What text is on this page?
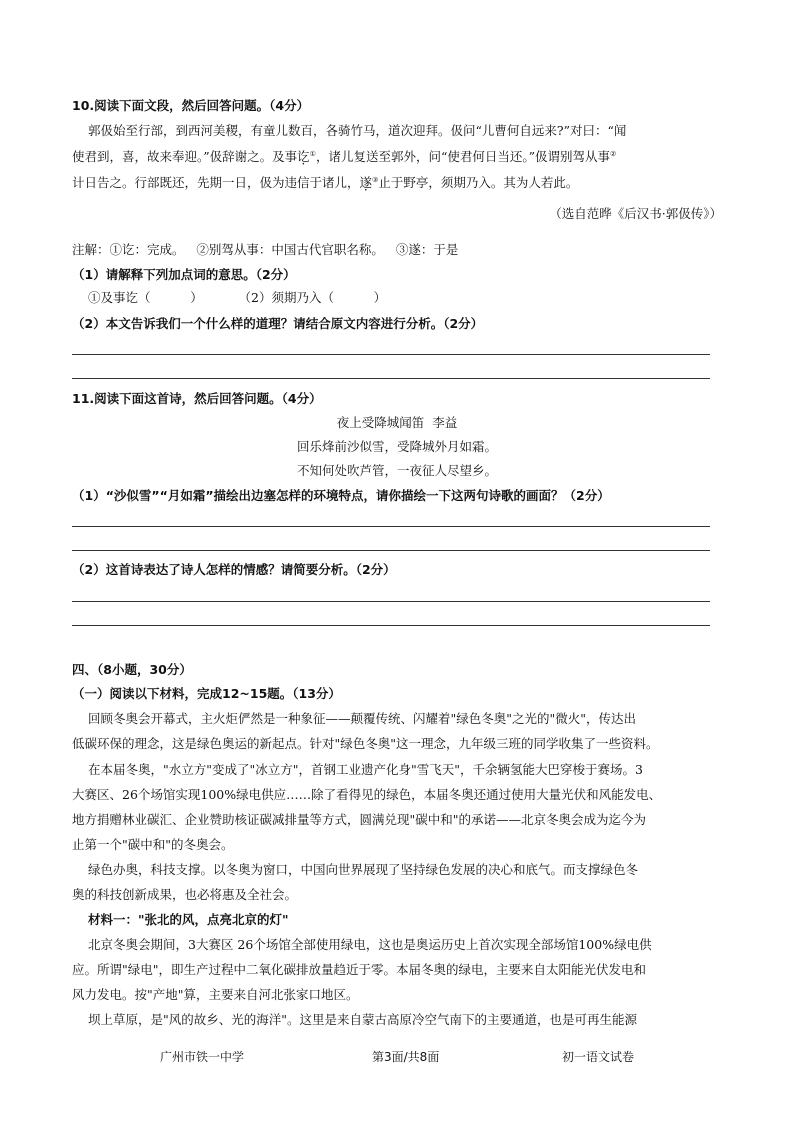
10.阅读下面文段，然后回答问题。（4分）
郭伋始至行部，到西河美稷，有童儿数百，各骑竹马，道次迎拜。伋问“儿曹何自远来?”对曰：“闻
使君到，喜，故来奉迎。”伋辞谢之。及事讫①，诸儿复送至郭外，问“使君何日当还。”伋谓别驾从事②
计日告之。行部既还，先期一日，伋为违信于诸儿，遂③止于野亭，须期乃入。其为人若此。
（选自范晔《后汉书·郭伋传》）
注解：①讫：完成。   ②别驾从事：中国古代官职名称。   ③遂：于是
（1）请解释下列加点词的意思。（2分）
①及事讫（          ）         （2）须期乃入（          ）
（2）本文告诉我们一个什么样的道理？请结合原文内容进行分析。（2分）
11.阅读下面这首诗，然后回答问题。（4分）
夜上受降城闻笛  李益
回乐烽前沙似雪，受降城外月如霜。
不知何处吹芦管，一夜征人尽望乡。
（1）“沙似雪”“月如霜”描绘出边塞怎样的环境特点，请你描绘一下这两句诗歌的画面？（2分）
（2）这首诗表达了诗人怎样的情感？请简要分析。（2分）
四、（8小题，30分）
（一）阅读以下材料，完成12~15题。（13分）
回顾冬奥会开幕式，主火炬俨然是一种象征——颠覆传统、闪耀着"绿色冬奥"之光的"微火"，传达出
低碳环保的理念，这是绿色奥运的新起点。针对"绿色冬奥"这一理念，九年级三班的同学收集了一些资料。
在本届冬奥，"水立方"变成了"冰立方"，首钢工业遗产化身"雪飞天"，千余辆氢能大巴穿梭于赛场。3
大赛区、26个场馆实现100%绿电供应……除了看得见的绿色，本届冬奥还通过使用大量光伏和风能发电、
地方捐赠林业碳汇、企业赞助核证碳减排量等方式，圆满兑现"碳中和"的承诺——北京冬奥会成为迄今为
止第一个"碳中和"的冬奥会。
绿色办奥，科技支撑。以冬奥为窗口，中国向世界展现了坚持绿色发展的决心和底气。而支撑绿色冬
奥的科技创新成果，也必将惠及全社会。
材料一："张北的风，点亮北京的灯"
北京冬奥会期间，3大赛区 26个场馆全部使用绿电，这也是奥运历史上首次实现全部场馆100%绿电供
应。所谓"绿电"，即生产过程中二氧化碳排放量趋近于零。本届冬奥的绿电，主要来自太阳能光伏发电和
风力发电。按"产地"算，主要来自河北张家口地区。
坝上草原，是"风的故乡、光的海洋"。这里是来自蒙古高原冷空气南下的主要通道，也是可再生能源
广州市铁一中学	第3面/共8面	初一语文试卷
